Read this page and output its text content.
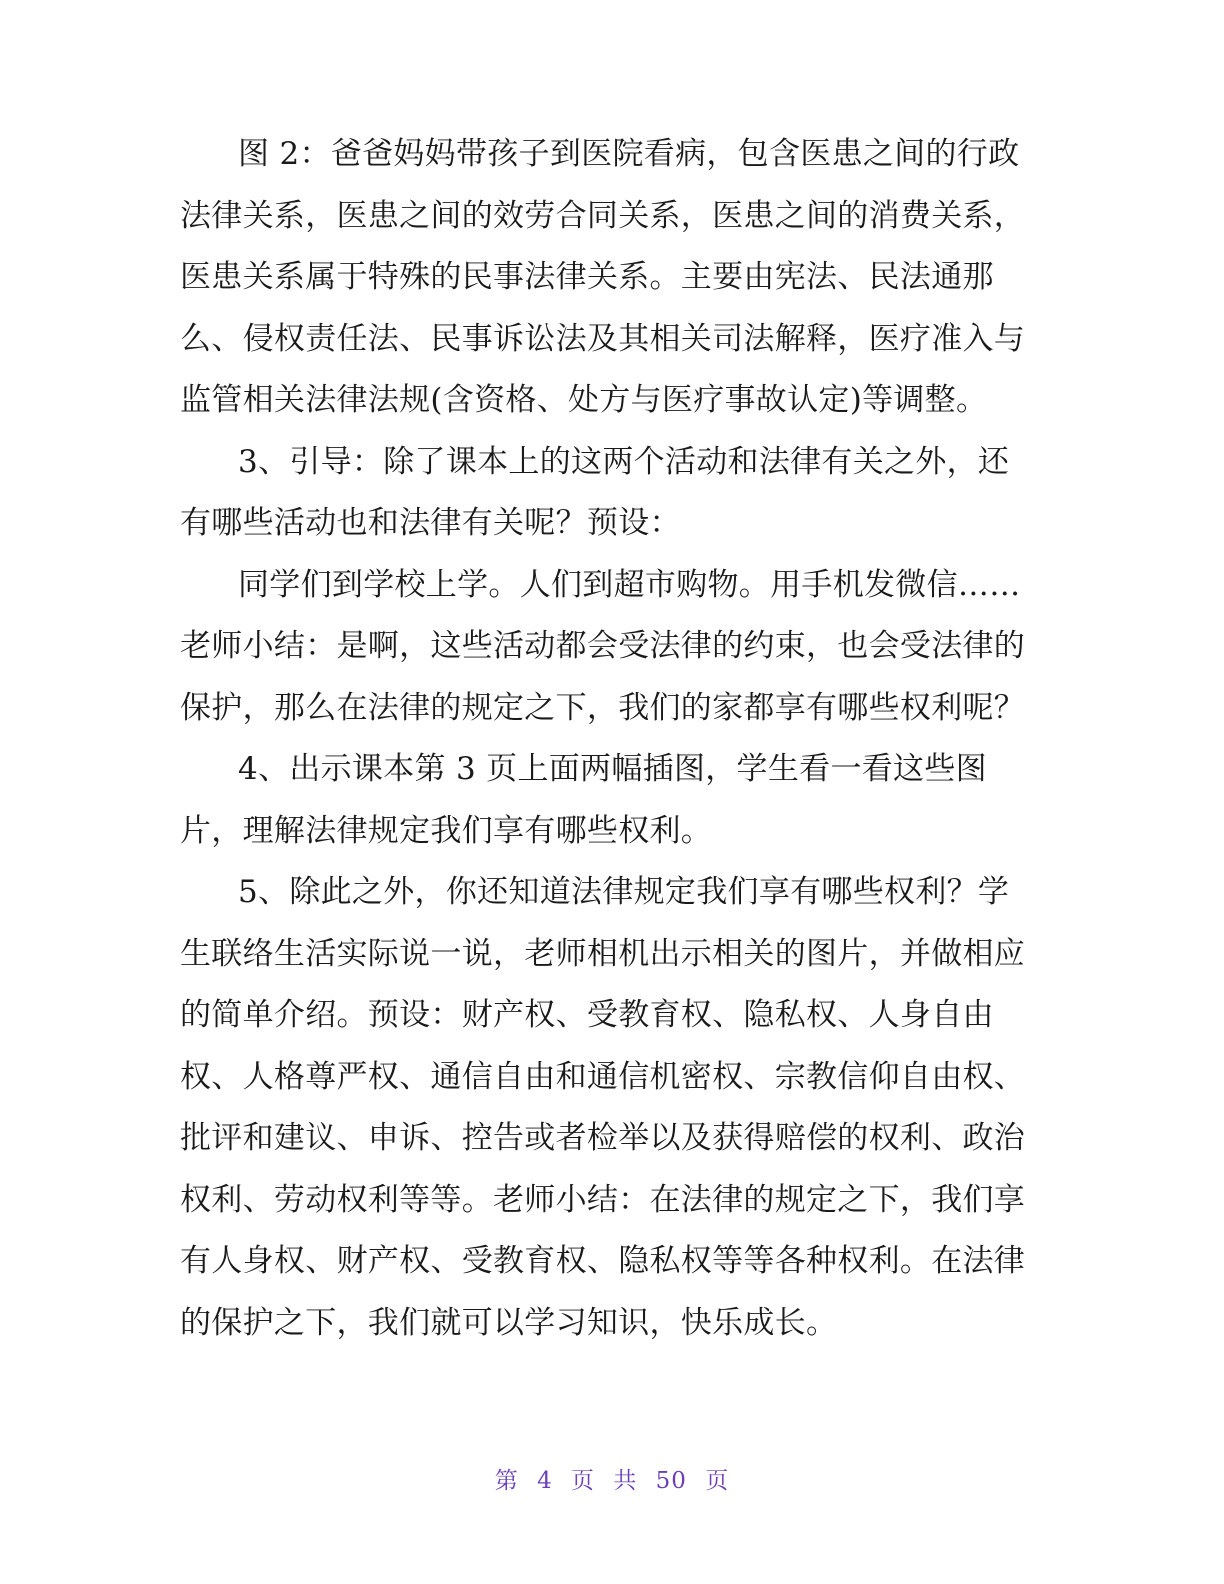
图 2：爸爸妈妈带孩子到医院看病，包含医患之间的行政
法律关系，医患之间的效劳合同关系，医患之间的消费关系，
医患关系属于特殊的民事法律关系。主要由宪法、民法通那
么、侵权责任法、民事诉讼法及其相关司法解释，医疗准入与
监管相关法律法规(含资格、处方与医疗事故认定)等调整。
3、引导：除了课本上的这两个活动和法律有关之外，还
有哪些活动也和法律有关呢？预设：
同学们到学校上学。人们到超市购物。用手机发微信……
老师小结：是啊，这些活动都会受法律的约束，也会受法律的
保护，那么在法律的规定之下，我们的家都享有哪些权利呢？
4、出示课本第 3 页上面两幅插图，学生看一看这些图
片，理解法律规定我们享有哪些权利。
5、除此之外，你还知道法律规定我们享有哪些权利？学
生联络生活实际说一说，老师相机出示相关的图片，并做相应
的简单介绍。预设：财产权、受教育权、隐私权、人身自由
权、人格尊严权、通信自由和通信机密权、宗教信仰自由权、
批评和建议、申诉、控告或者检举以及获得赔偿的权利、政治
权利、劳动权利等等。老师小结：在法律的规定之下，我们享
有人身权、财产权、受教育权、隐私权等等各种权利。在法律
的保护之下，我们就可以学习知识，快乐成长。
第 4 页 共 50 页
